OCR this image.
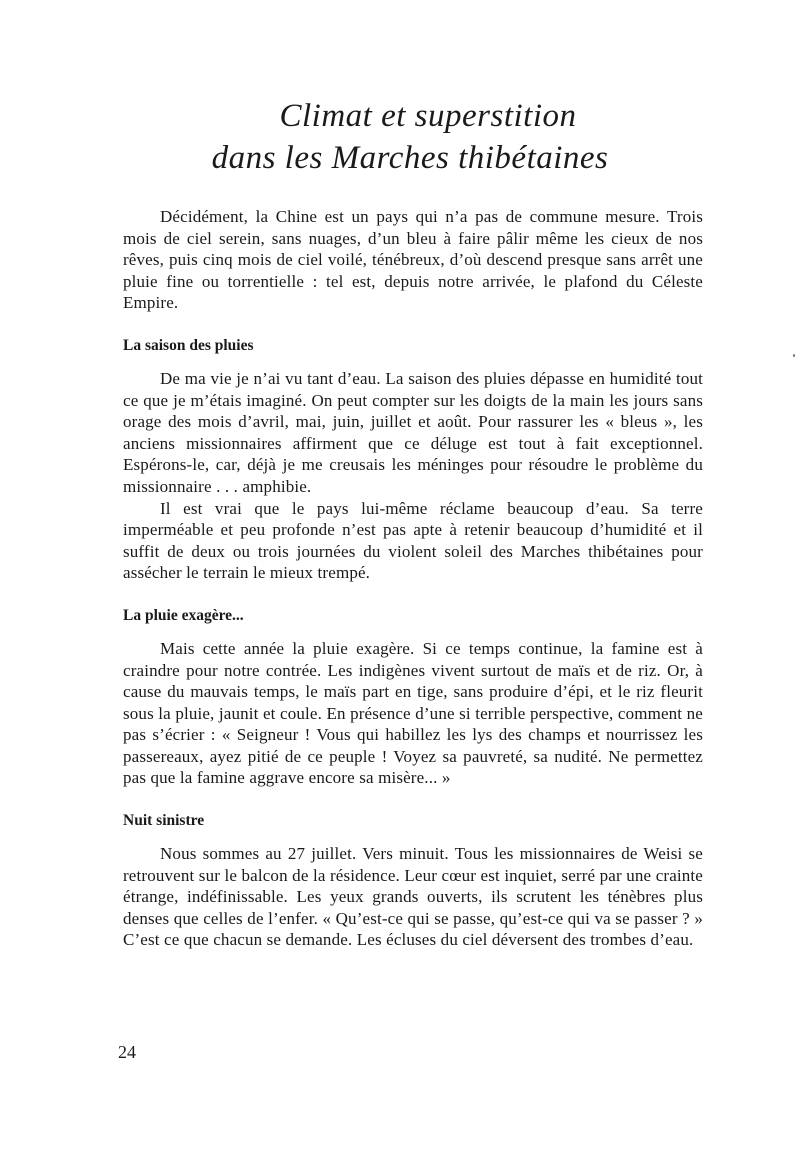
Climat et superstition
dans les Marches thibétaines

Décidément, la Chine est un pays qui n’a pas de commune mesure. Trois mois de ciel serein, sans nuages, d’un bleu à faire pâlir même les cieux de nos rêves, puis cinq mois de ciel voilé, ténébreux, d’où descend presque sans arrêt une pluie fine ou torrentielle : tel est, depuis notre arrivée, le plafond du Céleste Empire.

La saison des pluies

De ma vie je n’ai vu tant d’eau. La saison des pluies dépasse en humidité tout ce que je m’étais imaginé. On peut compter sur les doigts de la main les jours sans orage des mois d’avril, mai, juin, juillet et août. Pour rassurer les « bleus », les anciens missionnaires affirment que ce déluge est tout à fait exceptionnel. Espérons-le, car, déjà je me creusais les méninges pour résoudre le problème du missionnaire . . . amphibie.

Il est vrai que le pays lui-même réclame beaucoup d’eau. Sa terre imperméable et peu profonde n’est pas apte à retenir beaucoup d’humidité et il suffit de deux ou trois journées du violent soleil des Marches thibétaines pour assécher le terrain le mieux trempé.

La pluie exagère...

Mais cette année la pluie exagère. Si ce temps continue, la famine est à craindre pour notre contrée. Les indigènes vivent surtout de maïs et de riz. Or, à cause du mauvais temps, le maïs part en tige, sans produire d’épi, et le riz fleurit sous la pluie, jaunit et coule. En présence d’une si terrible perspective, comment ne pas s’écrier : « Seigneur ! Vous qui habillez les lys des champs et nourrissez les passereaux, ayez pitié de ce peuple ! Voyez sa pauvreté, sa nudité. Ne permettez pas que la famine aggrave encore sa misère... »

Nuit sinistre

Nous sommes au 27 juillet. Vers minuit. Tous les missionnaires de Weisi se retrouvent sur le balcon de la résidence. Leur cœur est inquiet, serré par une crainte étrange, indéfinissable. Les yeux grands ouverts, ils scrutent les ténèbres plus denses que celles de l’enfer. « Qu’est-ce qui se passe, qu’est-ce qui va se passer ? » C’est ce que chacun se demande. Les écluses du ciel déversent des trombes d’eau.

24
